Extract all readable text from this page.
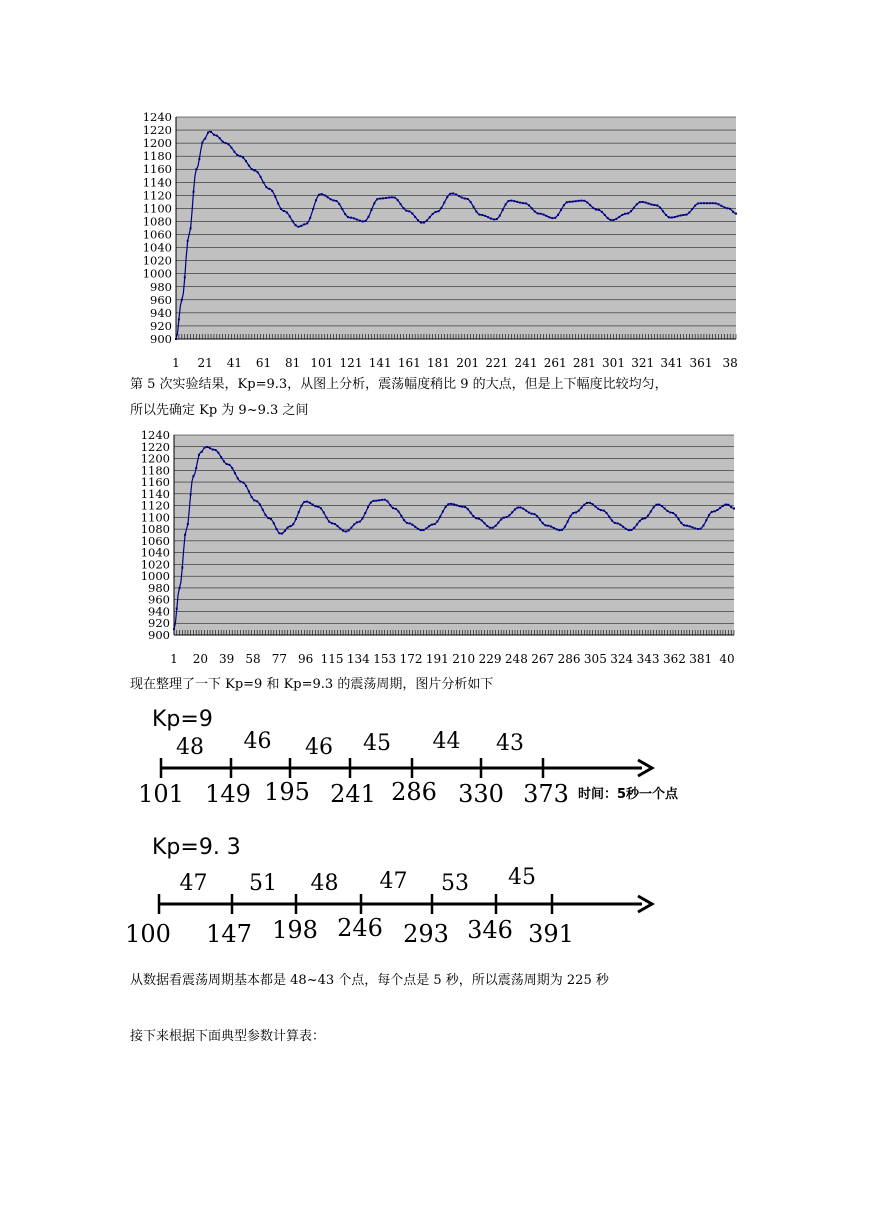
1240
1220
1200
1180
1160
1140
1120
1100
1080
1060
1040
1020
1000
980
960
940
920
900
1 21 41 61 81 101 121 141 161 181 201 221 241 261 281 301 321 341 361 38
第 5 次实验结果，Kp=9.3，从图上分析，震荡幅度稍比 9 的大点，但是上下幅度比较均匀，
所以先确定 Kp 为 9~9.3 之间
1240
1220
1200
1180
1160
1140
1120
1100
1080
1060
1040
1020
1000
980
960
940
920
900
1 20 39 58 77 96 115 134 153 172 191 210 229 248 267 286 305 324 343 362 381 40
现在整理了一下 Kp=9 和 Kp=9.3 的震荡周期，图片分析如下
Kp=9
101 149 195 241 286 330 373
48 46 46 45 44 43
时间：5秒一个点
Kp=9. 3
100 147 198 246 293 346 391
47 51 48 47 53 45
从数据看震荡周期基本都是 48~43 个点，每个点是 5 秒，所以震荡周期为 225 秒
接下来根据下面典型参数计算表：
